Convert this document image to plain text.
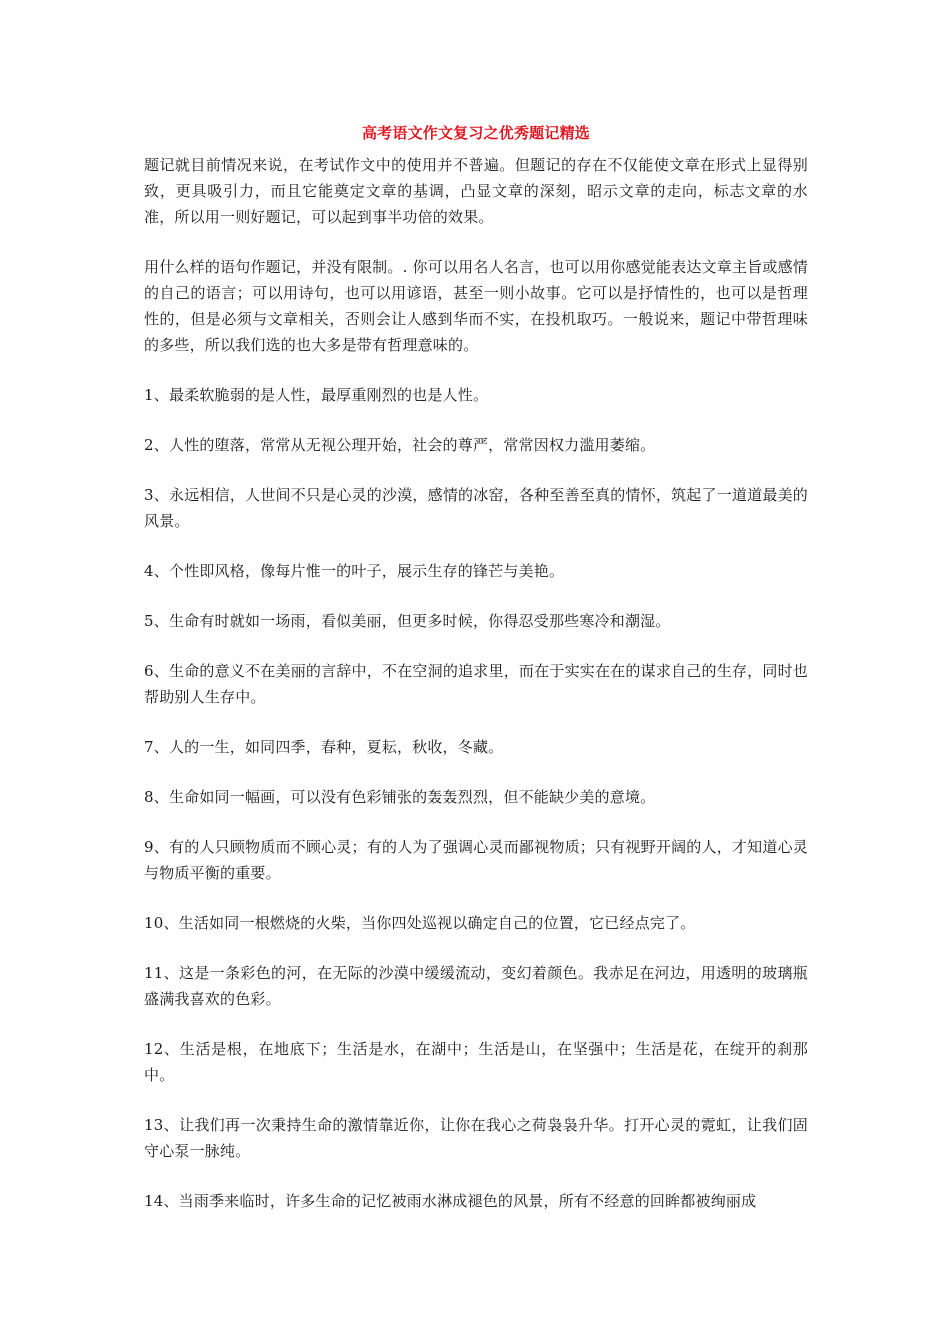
高考语文作文复习之优秀题记精选

题记就目前情况来说，在考试作文中的使用并不普遍。但题记的存在不仅能使文章在形式上显得别致，更具吸引力，而且它能奠定文章的基调，凸显文章的深刻，昭示文章的走向，标志文章的水准，所以用一则好题记，可以起到事半功倍的效果。

用什么样的语句作题记，并没有限制。. 你可以用名人名言，也可以用你感觉能表达文章主旨或感情的自己的语言；可以用诗句，也可以用谚语，甚至一则小故事。它可以是抒情性的，也可以是哲理性的，但是必须与文章相关，否则会让人感到华而不实，在投机取巧。一般说来，题记中带哲理味的多些，所以我们选的也大多是带有哲理意味的。

1、最柔软脆弱的是人性，最厚重刚烈的也是人性。

2、人性的堕落，常常从无视公理开始，社会的尊严，常常因权力滥用萎缩。

3、永远相信，人世间不只是心灵的沙漠，感情的冰窑，各种至善至真的情怀，筑起了一道道最美的风景。

4、个性即风格，像每片惟一的叶子，展示生存的锋芒与美艳。

5、生命有时就如一场雨，看似美丽，但更多时候，你得忍受那些寒冷和潮湿。

6、生命的意义不在美丽的言辞中，不在空洞的追求里，而在于实实在在的谋求自己的生存，同时也帮助别人生存中。

7、人的一生，如同四季，春种，夏耘，秋收，冬藏。

8、生命如同一幅画，可以没有色彩铺张的轰轰烈烈，但不能缺少美的意境。

9、有的人只顾物质而不顾心灵；有的人为了强调心灵而鄙视物质；只有视野开阔的人，才知道心灵与物质平衡的重要。

10、生活如同一根燃烧的火柴，当你四处巡视以确定自己的位置，它已经点完了。

11、这是一条彩色的河，在无际的沙漠中缓缓流动，变幻着颜色。我赤足在河边，用透明的玻璃瓶盛满我喜欢的色彩。

12、生活是根，在地底下；生活是水，在湖中；生活是山，在坚强中；生活是花，在绽开的刹那中。

13、让我们再一次秉持生命的激情靠近你，让你在我心之荷袅袅升华。打开心灵的霓虹，让我们固守心泵一脉纯。

14、当雨季来临时，许多生命的记忆被雨水淋成褪色的风景，所有不经意的回眸都被绚丽成
